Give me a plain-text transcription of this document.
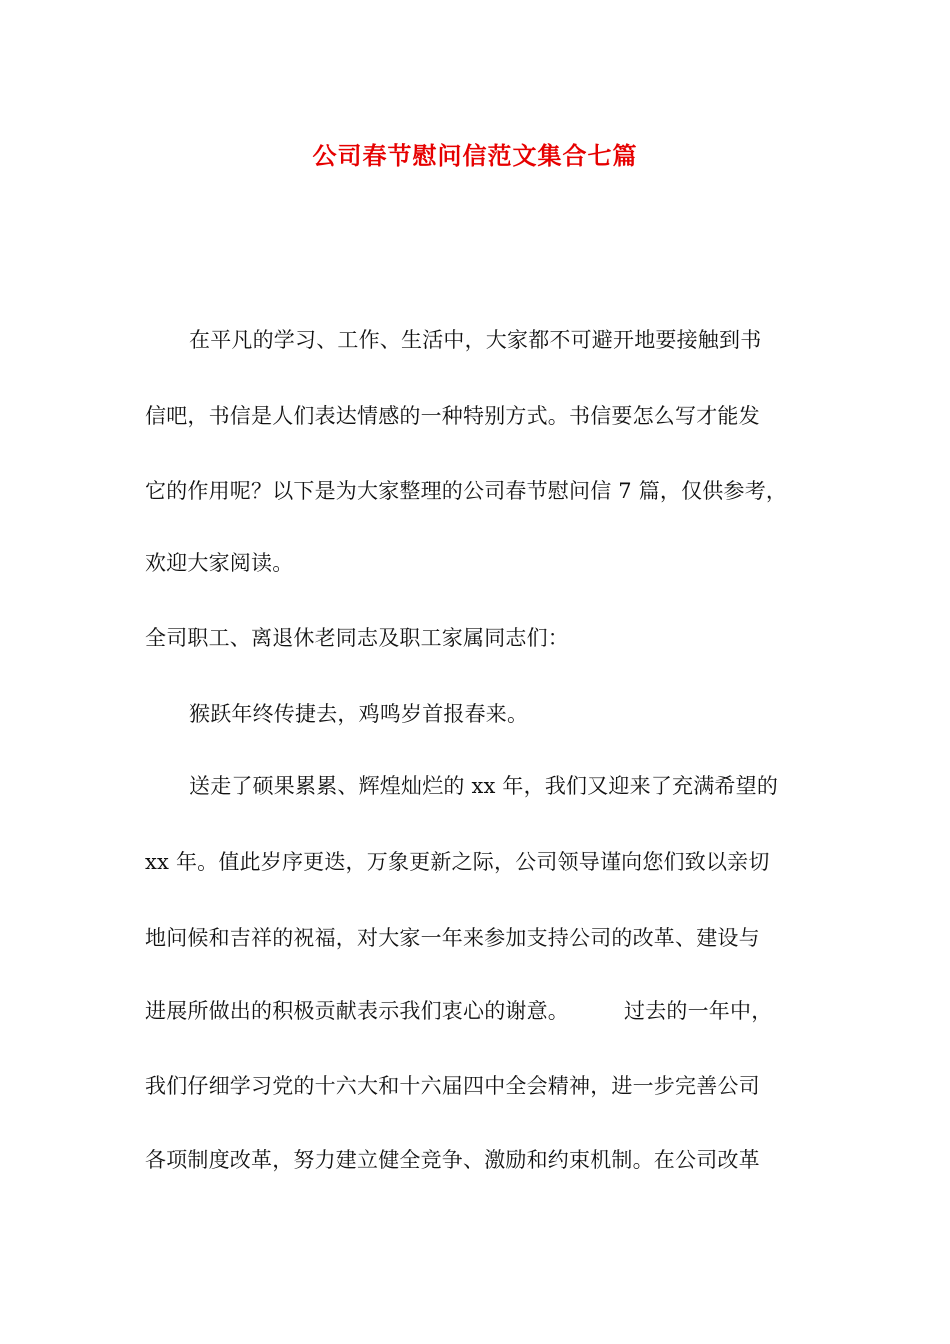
公司春节慰问信范文集合七篇
在平凡的学习、工作、生活中，大家都不可避开地要接触到书
信吧，书信是人们表达情感的一种特别方式。书信要怎么写才能发
它的作用呢？以下是为大家整理的公司春节慰问信 7 篇，仅供参考，
欢迎大家阅读。
全司职工、离退休老同志及职工家属同志们：
猴跃年终传捷去，鸡鸣岁首报春来。
送走了硕果累累、辉煌灿烂的 xx 年，我们又迎来了充满希望的
xx 年。值此岁序更迭，万象更新之际，公司领导谨向您们致以亲切
地问候和吉祥的祝福，对大家一年来参加支持公司的改革、建设与
进展所做出的积极贡献表示我们衷心的谢意。        过去的一年中，
我们仔细学习党的十六大和十六届四中全会精神，进一步完善公司
各项制度改革，努力建立健全竞争、激励和约束机制。在公司改革
